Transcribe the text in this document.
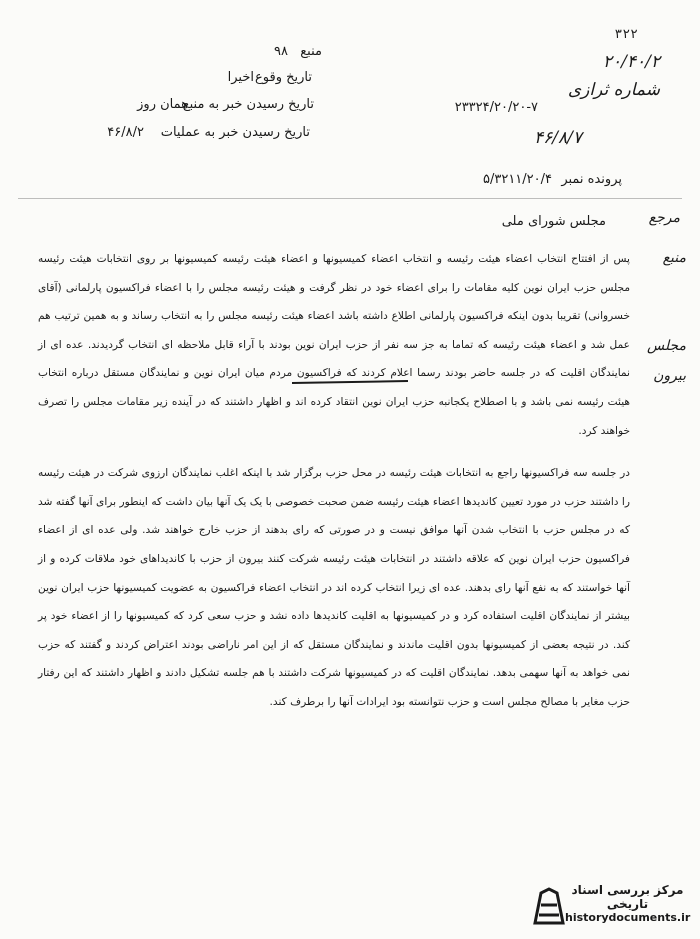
۳۲۲
۲۰/۴۰/۲
شماره ثرازی
۲۳۳۲۴/۲۰/۲۰-۷
۴۶/۸/۷
منبع
۹۸
تاریخ وقوع
اخیرا
تاریخ رسیدن خبر به منبع
همان روز
تاریخ رسیدن خبر به عملیات
۴۶/۸/۲
پرونده نمبر
۵/۳۲۱۱/۲۰/۴
مرجع
مجلس شورای ملی
منبع
مجلس
بیرون

پس از افتتاح انتخاب اعضاء هیئت رئیسه و انتخاب اعضاء کمیسیونها و اعضاء هیئت رئیسه کمیسیونها بر روی انتخابات هیئت رئیسه مجلس حزب ایران نوین کلیه مقامات را برای اعضاء خود در نظر گرفت و هیئت رئیسه مجلس را با اعضاء فراکسیون پارلمانی (آقای خسروانی) تقریبا بدون اینکه فراکسیون پارلمانی اطلاع داشته باشد اعضاء هیئت رئیسه مجلس را به انتخاب رساند و به همین ترتیب هم عمل شد و اعضاء هیئت رئیسه که تماما به جز سه نفر از حزب ایران نوین بودند با آراء قابل ملاحظه ای انتخاب گردیدند. عده ای از نمایندگان اقلیت که در جلسه حاضر بودند رسما اعلام کردند که فراکسیون مردم میان ایران نوین و نمایندگان مستقل درباره انتخاب هیئت رئیسه نمی باشد و با اصطلاح یکجانبه حزب ایران نوین انتقاد کرده اند و اظهار داشتند که در آینده زیر مقامات مجلس را تصرف خواهند کرد.

در جلسه سه فراکسیونها راجع به انتخابات هیئت رئیسه در محل حزب برگزار شد با اینکه اغلب نمایندگان ارزوی شرکت در هیئت رئیسه را داشتند حزب در مورد تعیین کاندیدها اعضاء هیئت رئیسه ضمن صحبت خصوصی با یک یک آنها بیان داشت که اینطور برای آنها گفته شد که در مجلس حزب با انتخاب شدن آنها موافق نیست و در صورتی که رای بدهند از حزب خارج خواهند شد. ولی عده ای از اعضاء فراکسیون حزب ایران نوین که علاقه داشتند در انتخابات هیئت رئیسه شرکت کنند بیرون از حزب با کاندیداهای خود ملاقات کرده و از آنها خواستند که به نفع آنها رای بدهند. عده ای زیرا انتخاب کرده اند در انتخاب اعضاء فراکسیون به عضویت کمیسیونها حزب ایران نوین بیشتر از نمایندگان اقلیت استفاده کرد و در کمیسیونها به اقلیت کاندیدها داده نشد و حزب سعی کرد که کمیسیونها را از اعضاء خود پر کند. در نتیجه بعضی از کمیسیونها بدون اقلیت ماندند و نمایندگان مستقل که از این امر ناراضی بودند اعتراض کردند و گفتند که حزب نمی خواهد به آنها سهمی بدهد. نمایندگان اقلیت که در کمیسیونها شرکت داشتند با هم جلسه تشکیل دادند و اظهار داشتند که این رفتار حزب مغایر با مصالح مجلس است و حزب نتوانسته بود ایرادات آنها را برطرف کند.

مرکز بررسی اسناد تاریخی
historydocuments.ir
